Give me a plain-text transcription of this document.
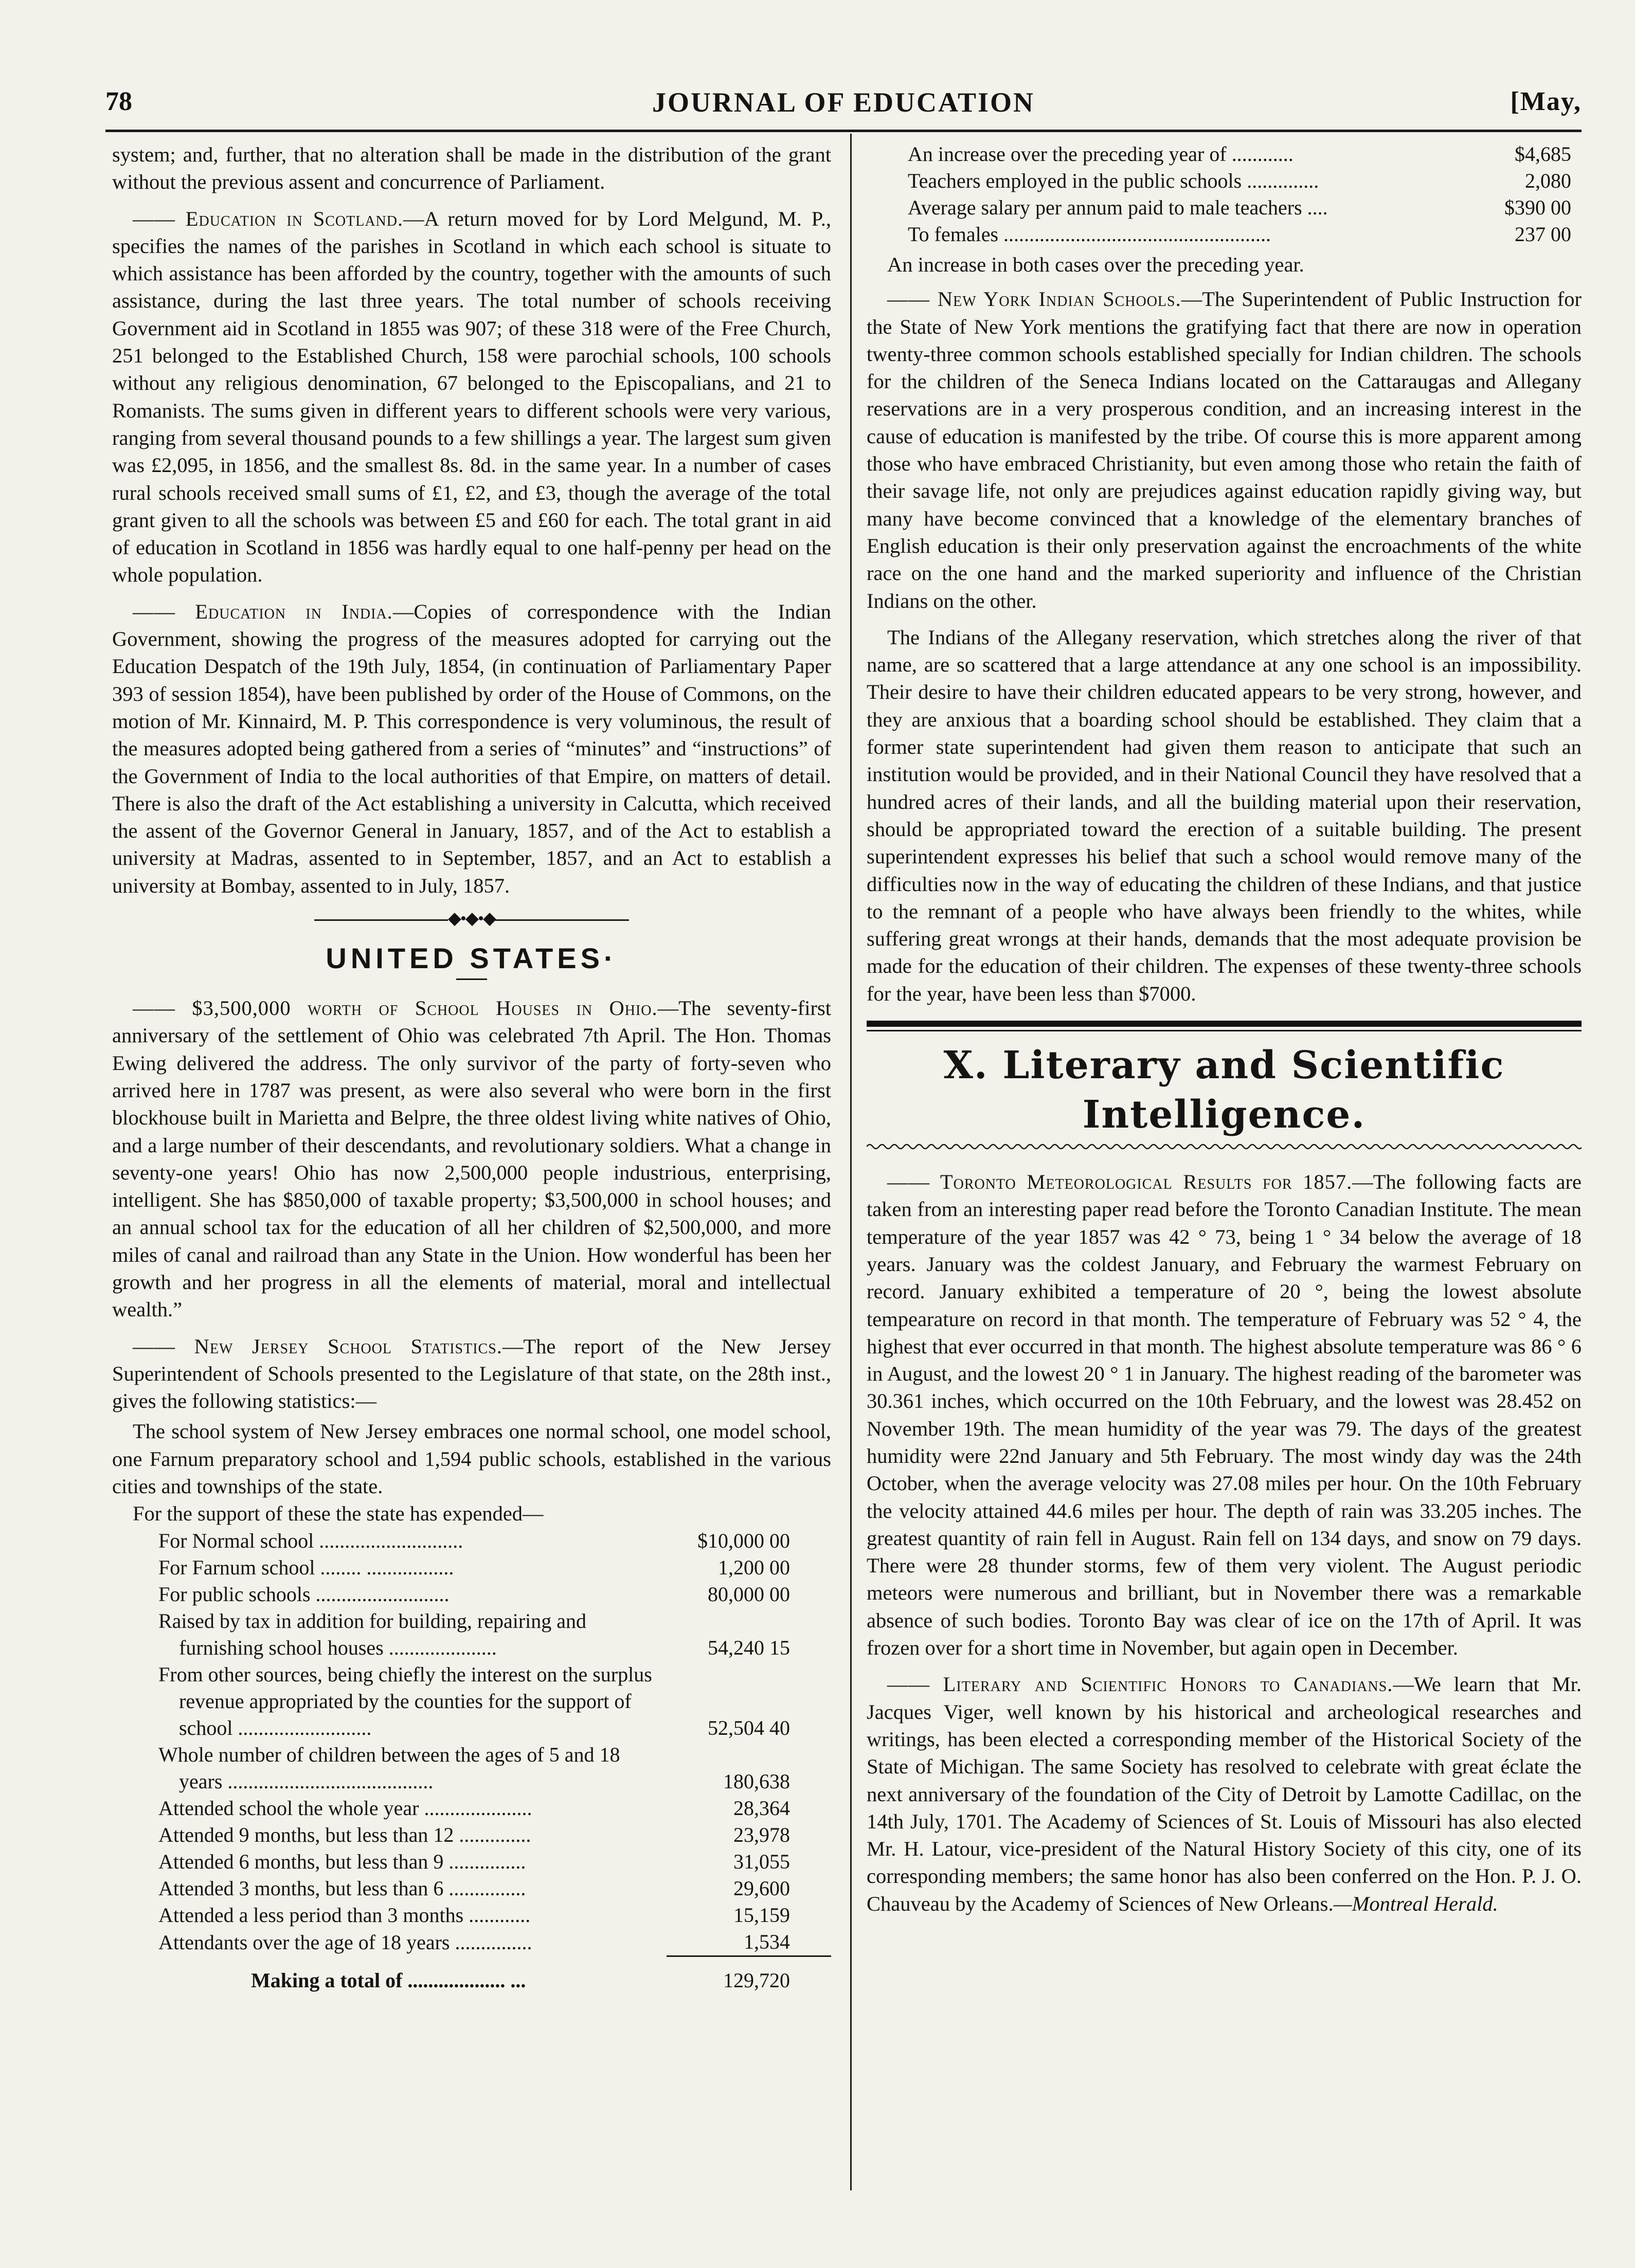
78	JOURNAL OF EDUCATION	[May,

system; and, further, that no alteration shall be made in the distribution of the grant without the previous assent and concurrence of Parliament.

—— Education in Scotland.—A return moved for by Lord Melgund, M. P., specifies the names of the parishes in Scotland in which each school is situate to which assistance has been afforded by the country, together with the amounts of such assistance, during the last three years. The total number of schools receiving Government aid in Scotland in 1855 was 907; of these 318 were of the Free Church, 251 belonged to the Established Church, 158 were parochial schools, 100 schools without any religious denomination, 67 belonged to the Episcopalians, and 21 to Romanists. The sums given in different years to different schools were very various, ranging from several thousand pounds to a few shillings a year. The largest sum given was £2,095, in 1856, and the smallest 8s. 8d. in the same year. In a number of cases rural schools received small sums of £1, £2, and £3, though the average of the total grant given to all the schools was between £5 and £60 for each. The total grant in aid of education in Scotland in 1856 was hardly equal to one half-penny per head on the whole population.

—— Education in India.—Copies of correspondence with the Indian Government, showing the progress of the measures adopted for carrying out the Education Despatch of the 19th July, 1854, (in continuation of Parliamentary Paper 393 of session 1854), have been published by order of the House of Commons, on the motion of Mr. Kinnaird, M. P. This correspondence is very voluminous, the result of the measures adopted being gathered from a series of “minutes” and “instructions” of the Government of India to the local authorities of that Empire, on matters of detail. There is also the draft of the Act establishing a university in Calcutta, which received the assent of the Governor General in January, 1857, and of the Act to establish a university at Madras, assented to in September, 1857, and an Act to establish a university at Bombay, assented to in July, 1857.

◆•◆•◆
UNITED STATES·

—— $3,500,000 worth of School Houses in Ohio.—The seventy-first anniversary of the settlement of Ohio was celebrated 7th April. The Hon. Thomas Ewing delivered the address. The only survivor of the party of forty-seven who arrived here in 1787 was present, as were also several who were born in the first blockhouse built in Marietta and Belpre, the three oldest living white natives of Ohio, and a large number of their descendants, and revolutionary soldiers. What a change in seventy-one years! Ohio has now 2,500,000 people industrious, enterprising, intelligent. She has $850,000 of taxable property; $3,500,000 in school houses; and an annual school tax for the education of all her children of $2,500,000, and more miles of canal and railroad than any State in the Union. How wonderful has been her growth and her progress in all the elements of material, moral and intellectual wealth.”

—— New Jersey School Statistics.—The report of the New Jersey Superintendent of Schools presented to the Legislature of that state, on the 28th inst., gives the following statistics:—

The school system of New Jersey embraces one normal school, one model school, one Farnum preparatory school and 1,594 public schools, established in the various cities and townships of the state.

For the support of these the state has expended—

For Normal school ............................	$10,000 00
For Farnum school ........ .................	1,200 00
For public schools ..........................	80,000 00
Raised by tax in addition for building, repairing and furnishing school houses .....................	54,240 15
From other sources, being chiefly the interest on the surplus revenue appropriated by the counties for the support of school ..........................	52,504 40
Whole number of children between the ages of 5 and 18 years ........................................	180,638
Attended school the whole year .....................	28,364
Attended 9 months, but less than 12 ..............	23,978
Attended 6 months, but less than 9 ...............	31,055
Attended 3 months, but less than 6 ...............	29,600
Attended a less period than 3 months ............	15,159
Attendants over the age of 18 years ...............	1,534
Making a total of ................... ...	129,720
An increase over the preceding year of ............	$4,685
Teachers employed in the public schools ..............	2,080
Average salary per annum paid to male teachers ....	$390 00
To females ....................................................	237 00

An increase in both cases over the preceding year.

—— New York Indian Schools.—The Superintendent of Public Instruction for the State of New York mentions the gratifying fact that there are now in operation twenty-three common schools established specially for Indian children. The schools for the children of the Seneca Indians located on the Cattaraugas and Allegany reservations are in a very prosperous condition, and an increasing interest in the cause of education is manifested by the tribe. Of course this is more apparent among those who have embraced Christianity, but even among those who retain the faith of their savage life, not only are prejudices against education rapidly giving way, but many have become convinced that a knowledge of the elementary branches of English education is their only preservation against the encroachments of the white race on the one hand and the marked superiority and influence of the Christian Indians on the other.

The Indians of the Allegany reservation, which stretches along the river of that name, are so scattered that a large attendance at any one school is an impossibility. Their desire to have their children educated appears to be very strong, however, and they are anxious that a boarding school should be established. They claim that a former state superintendent had given them reason to anticipate that such an institution would be provided, and in their National Council they have resolved that a hundred acres of their lands, and all the building material upon their reservation, should be appropriated toward the erection of a suitable building. The present superintendent expresses his belief that such a school would remove many of the difficulties now in the way of educating the children of these Indians, and that justice to the remnant of a people who have always been friendly to the whites, while suffering great wrongs at their hands, demands that the most adequate provision be made for the education of their children. The expenses of these twenty-three schools for the year, have been less than $7000.

X. Literary and Scientific Intelligence.

—— Toronto Meteorological Results for 1857.—The following facts are taken from an interesting paper read before the Toronto Canadian Institute. The mean temperature of the year 1857 was 42 ° 73, being 1 ° 34 below the average of 18 years. January was the coldest January, and February the warmest February on record. January exhibited a temperature of 20 °, being the lowest absolute tempearature on record in that month. The temperature of February was 52 ° 4, the highest that ever occurred in that month. The highest absolute temperature was 86 ° 6 in August, and the lowest 20 ° 1 in January. The highest reading of the barometer was 30.361 inches, which occurred on the 10th February, and the lowest was 28.452 on November 19th. The mean humidity of the year was 79. The days of the greatest humidity were 22nd January and 5th February. The most windy day was the 24th October, when the average velocity was 27.08 miles per hour. On the 10th February the velocity attained 44.6 miles per hour. The depth of rain was 33.205 inches. The greatest quantity of rain fell in August. Rain fell on 134 days, and snow on 79 days. There were 28 thunder storms, few of them very violent. The August periodic meteors were numerous and brilliant, but in November there was a remarkable absence of such bodies. Toronto Bay was clear of ice on the 17th of April. It was frozen over for a short time in November, but again open in December.

—— Literary and Scientific Honors to Canadians.—We learn that Mr. Jacques Viger, well known by his historical and archeological researches and writings, has been elected a corresponding member of the Historical Society of the State of Michigan. The same Society has resolved to celebrate with great éclate the next anniversary of the foundation of the City of Detroit by Lamotte Cadillac, on the 14th July, 1701. The Academy of Sciences of St. Louis of Missouri has also elected Mr. H. Latour, vice-president of the Natural History Society of this city, one of its corresponding members; the same honor has also been conferred on the Hon. P. J. O. Chauveau by the Academy of Sciences of New Orleans.—Montreal Herald.
